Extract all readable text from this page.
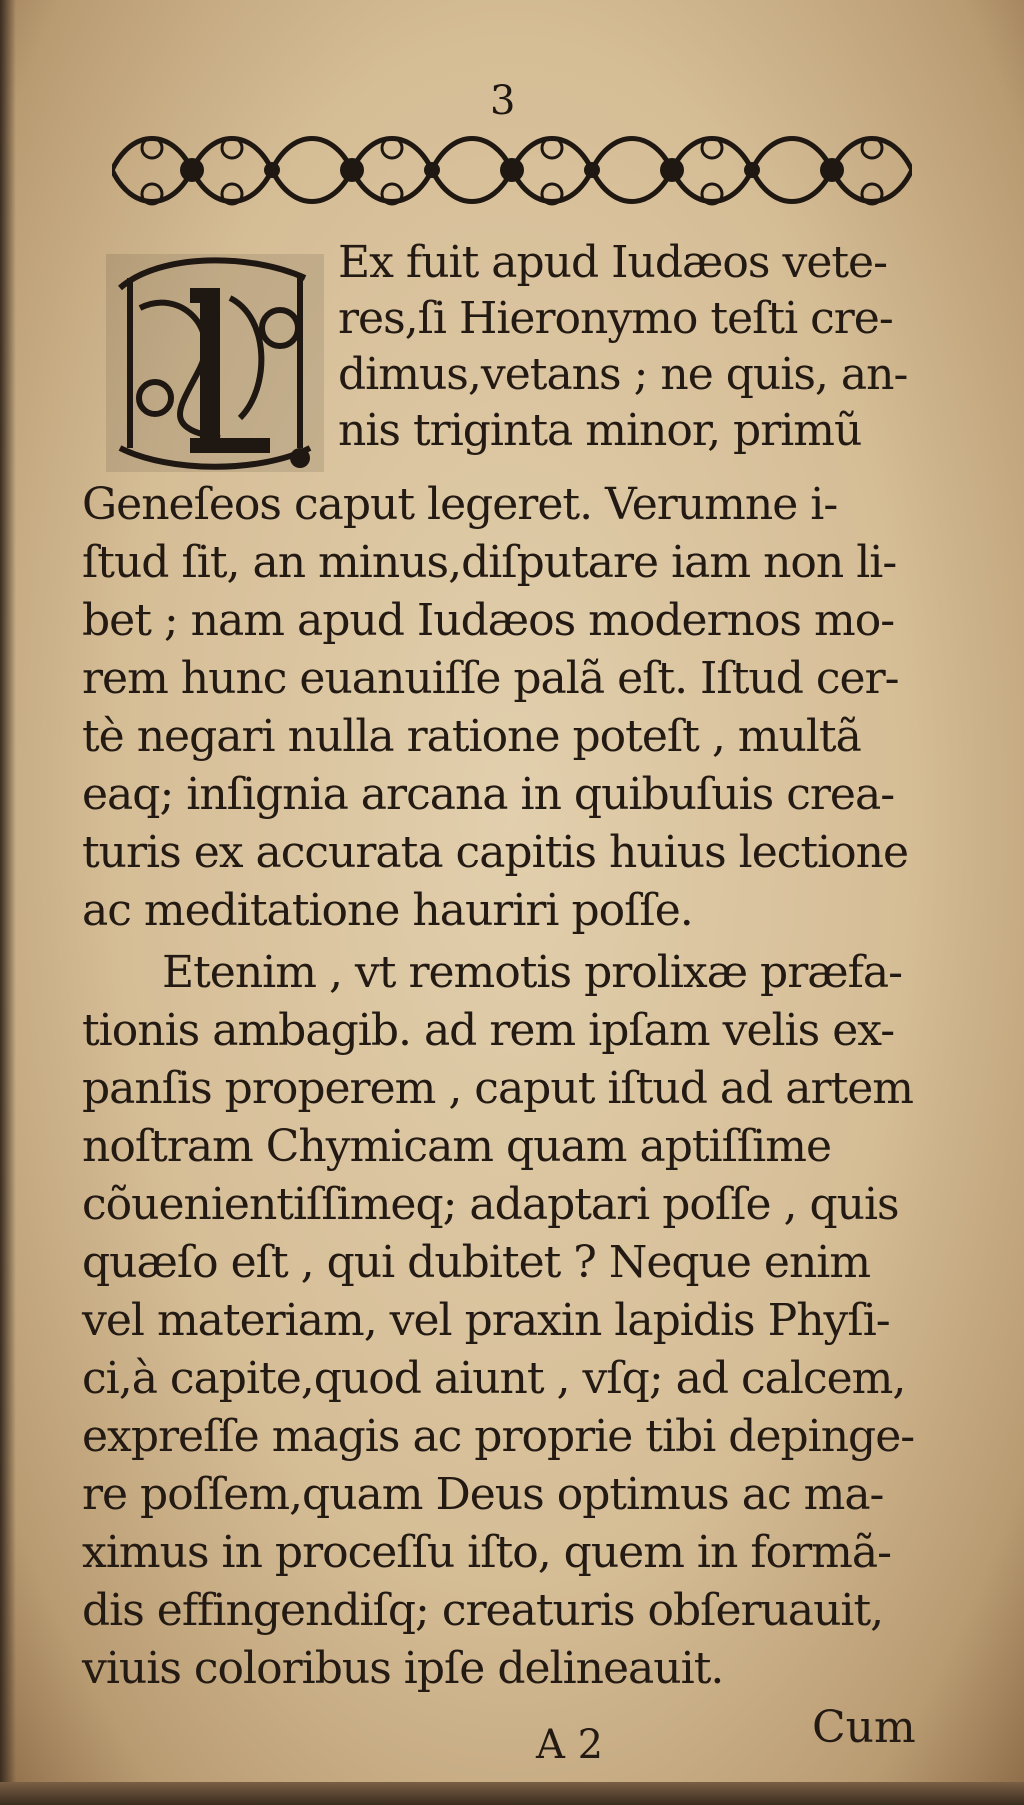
3
Ex fuit apud Iudæos vete-
res,ſi Hieronymo teſti cre-
dimus,vetans ; ne quis, an-
nis triginta minor, primũ
Geneſeos caput legeret. Verumne i-
ſtud ſit, an minus,diſputare iam non li-
bet ; nam apud Iudæos modernos mo-
rem hunc euanuiſſe palã eſt. Iſtud cer-
tè negari nulla ratione poteſt , multã
eaq; inſignia arcana in quibuſuis crea-
turis ex accurata capitis huius lectione
ac meditatione hauriri poſſe.
Etenim , vt remotis prolixæ præfa-
tionis ambagib. ad rem ipſam velis ex-
panſis properem , caput iſtud ad artem
noſtram Chymicam quam aptiſſime
cõuenientiſſimeq; adaptari poſſe , quis
quæſo eſt , qui dubitet ? Neque enim
vel materiam, vel praxin lapidis Phyſi-
ci,à capite,quod aiunt , vſq; ad calcem,
expreſſe magis ac proprie tibi depinge-
re poſſem,quam Deus optimus ac ma-
ximus in proceſſu iſto, quem in formã-
dis effingendiſq; creaturis obſeruauit,
viuis coloribus ipſe delineauit.
A 2	Cum
